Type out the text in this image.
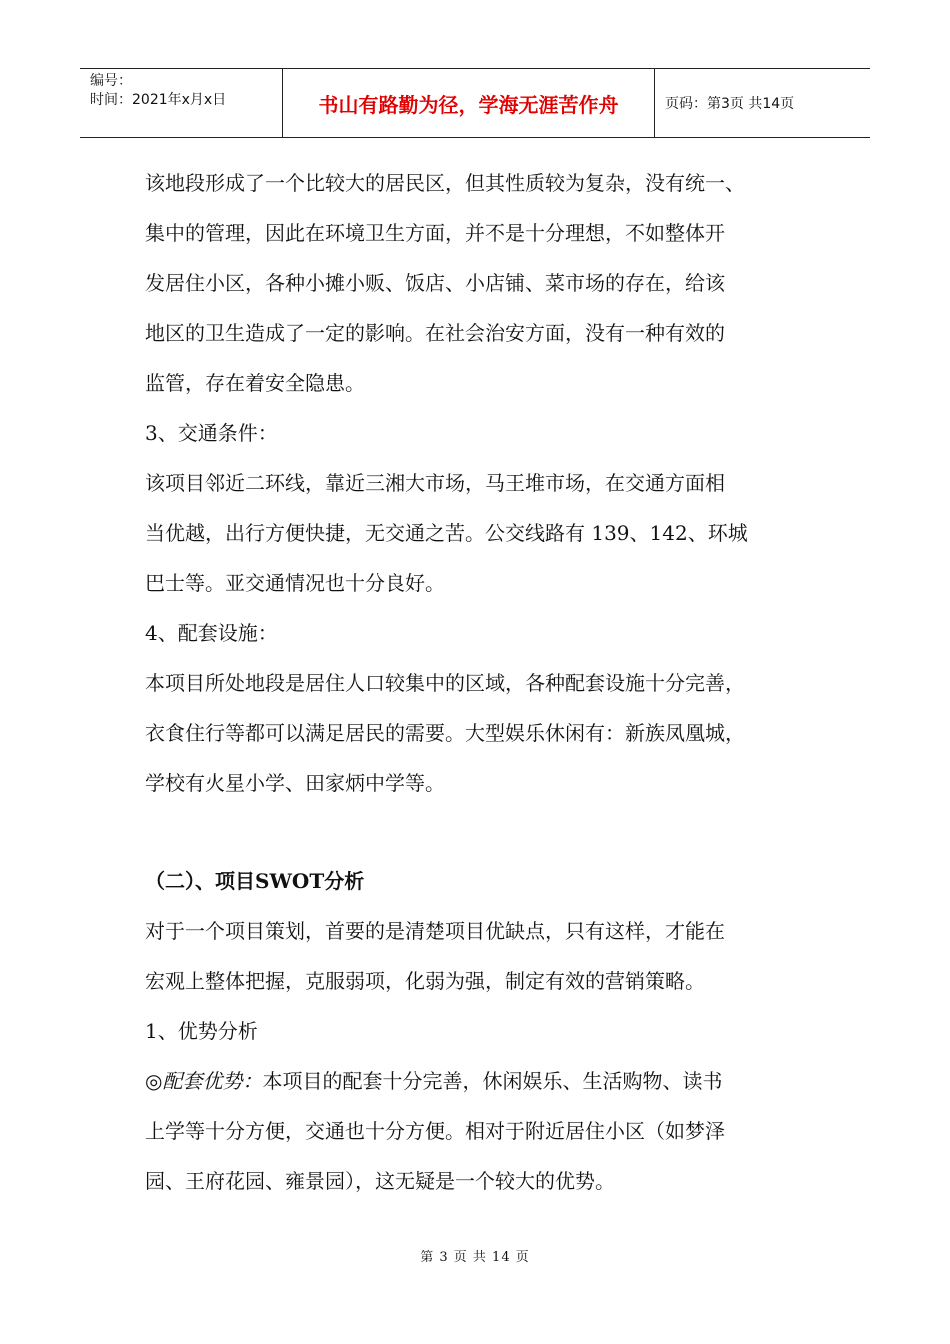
编号：
时间：2021年x月x日	书山有路勤为径，学海无涯苦作舟	页码：第3页 共14页

该地段形成了一个比较大的居民区，但其性质较为复杂，没有统一、

集中的管理，因此在环境卫生方面，并不是十分理想，不如整体开

发居住小区，各种小摊小贩、饭店、小店铺、菜市场的存在，给该

地区的卫生造成了一定的影响。在社会治安方面，没有一种有效的

监管，存在着安全隐患。

3、交通条件：

该项目邻近二环线，靠近三湘大市场，马王堆市场，在交通方面相

当优越，出行方便快捷，无交通之苦。公交线路有 139、142、环城

巴士等。亚交通情况也十分良好。

4、配套设施：

本项目所处地段是居住人口较集中的区域，各种配套设施十分完善，

衣食住行等都可以满足居民的需要。大型娱乐休闲有：新族凤凰城，

学校有火星小学、田家炳中学等。

（二）、项目SWOT分析

对于一个项目策划，首要的是清楚项目优缺点，只有这样，才能在

宏观上整体把握，克服弱项，化弱为强，制定有效的营销策略。

1、优势分析

◎配套优势：本项目的配套十分完善，休闲娱乐、生活购物、读书

上学等十分方便，交通也十分方便。相对于附近居住小区（如梦泽

园、王府花园、雍景园），这无疑是一个较大的优势。

第 3 页 共 14 页
